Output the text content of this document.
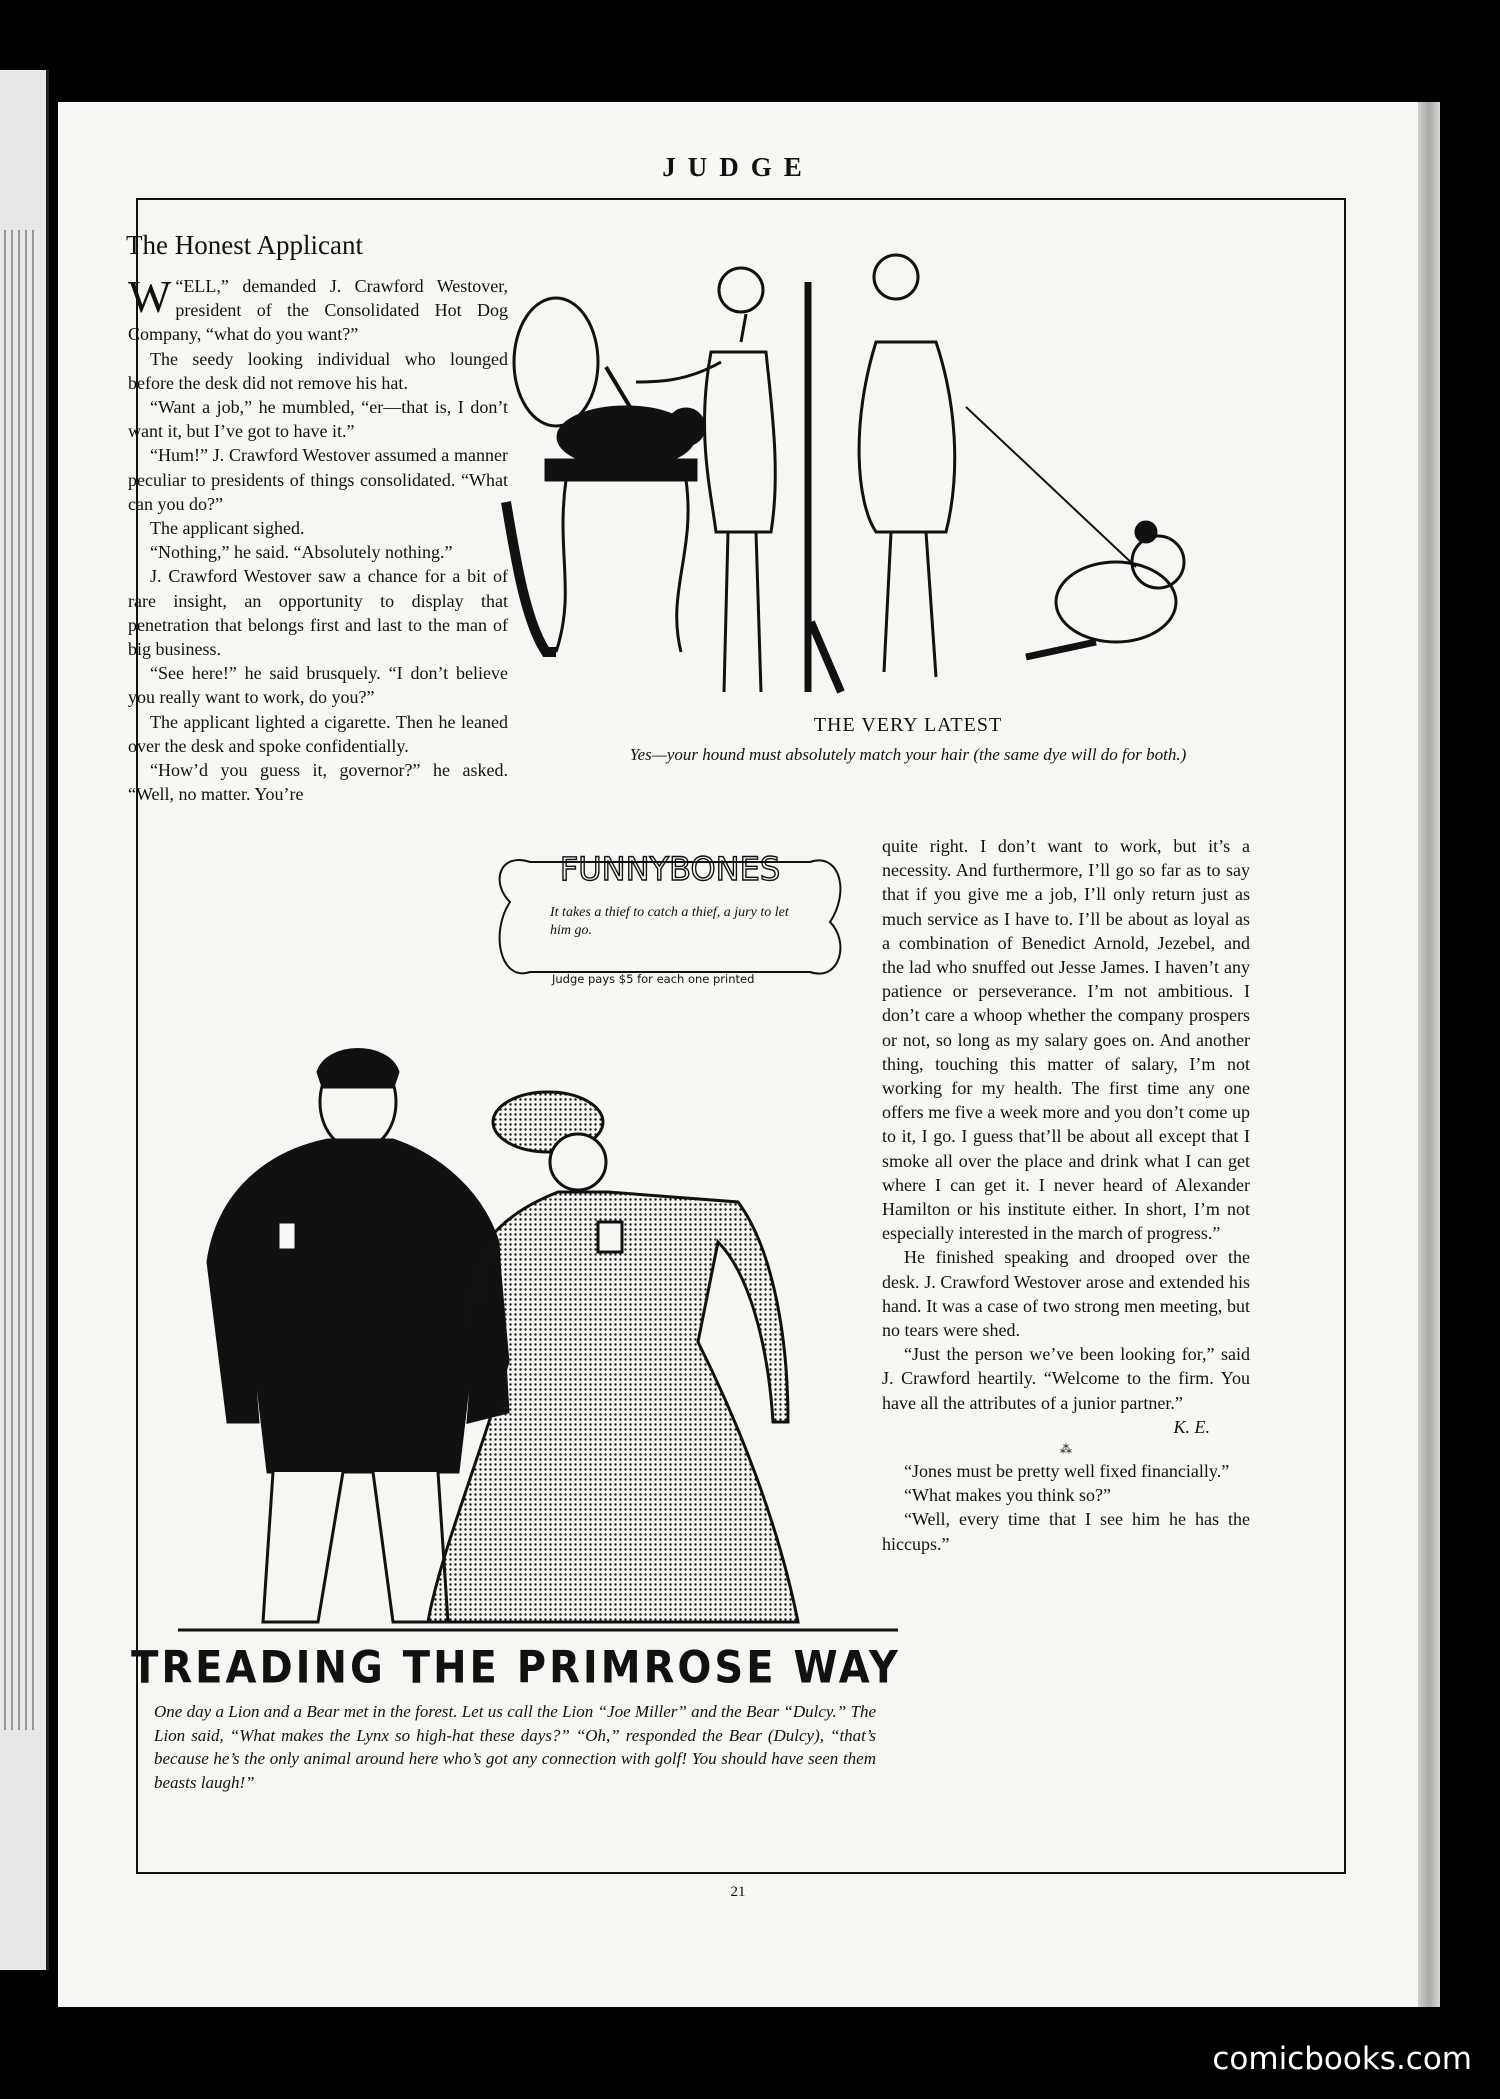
JUDGE
The Honest Applicant

“
W ELL,” demanded J. Crawford Westover, president of the Consolidated Hot Dog Company, “what do you want?”

The seedy looking individual who lounged before the desk did not remove his hat.

“Want a job,” he mumbled, “er—that is, I don’t want it, but I’ve got to have it.”

“Hum!” J. Crawford Westover assumed a manner peculiar to presidents of things consolidated. “What can you do?”

The applicant sighed.

“Nothing,” he said. “Absolutely nothing.”

J. Crawford Westover saw a chance for a bit of rare insight, an opportunity to display that penetration that belongs first and last to the man of big business.

“See here!” he said brusquely. “I don’t believe you really want to work, do you?”

The applicant lighted a cigarette. Then he leaned over the desk and spoke confidentially.

“How’d you guess it, governor?” he asked. “Well, no matter. You’re

THE VERY LATEST
Yes—your hound must absolutely match your hair (the same dye will do for both.)
FUNNYBONES
It takes a thief to catch a thief, a jury to let him go.
Judge pays $5 for each one printed

quite right. I don’t want to work, but it’s a necessity. And furthermore, I’ll go so far as to say that if you give me a job, I’ll only return just as much service as I have to. I’ll be about as loyal as a combination of Benedict Arnold, Jezebel, and the lad who snuffed out Jesse James. I haven’t any patience or perseverance. I’m not ambitious. I don’t care a whoop whether the company prospers or not, so long as my salary goes on. And another thing, touching this matter of salary, I’m not working for my health. The first time any one offers me five a week more and you don’t come up to it, I go. I guess that’ll be about all except that I smoke all over the place and drink what I can get where I can get it. I never heard of Alexander Hamilton or his institute either. In short, I’m not especially interested in the march of progress.”

He finished speaking and drooped over the desk. J. Crawford Westover arose and extended his hand. It was a case of two strong men meeting, but no tears were shed.

“Just the person we’ve been looking for,” said J. Crawford heartily. “Welcome to the firm. You have all the attributes of a junior partner.”

K. E.
⁂

“Jones must be pretty well fixed financially.”

“What makes you think so?”

“Well, every time that I see him he has the hiccups.”

TREADING THE PRIMROSE WAY
One day a Lion and a Bear met in the forest. Let us call the Lion “Joe Miller” and the Bear “Dulcy.” The Lion said, “What makes the Lynx so high-hat these days?” “Oh,” responded the Bear (Dulcy), “that’s because he’s the only animal around here who’s got any connection with golf! You should have seen them beasts laugh!”
21
comicbooks.com
